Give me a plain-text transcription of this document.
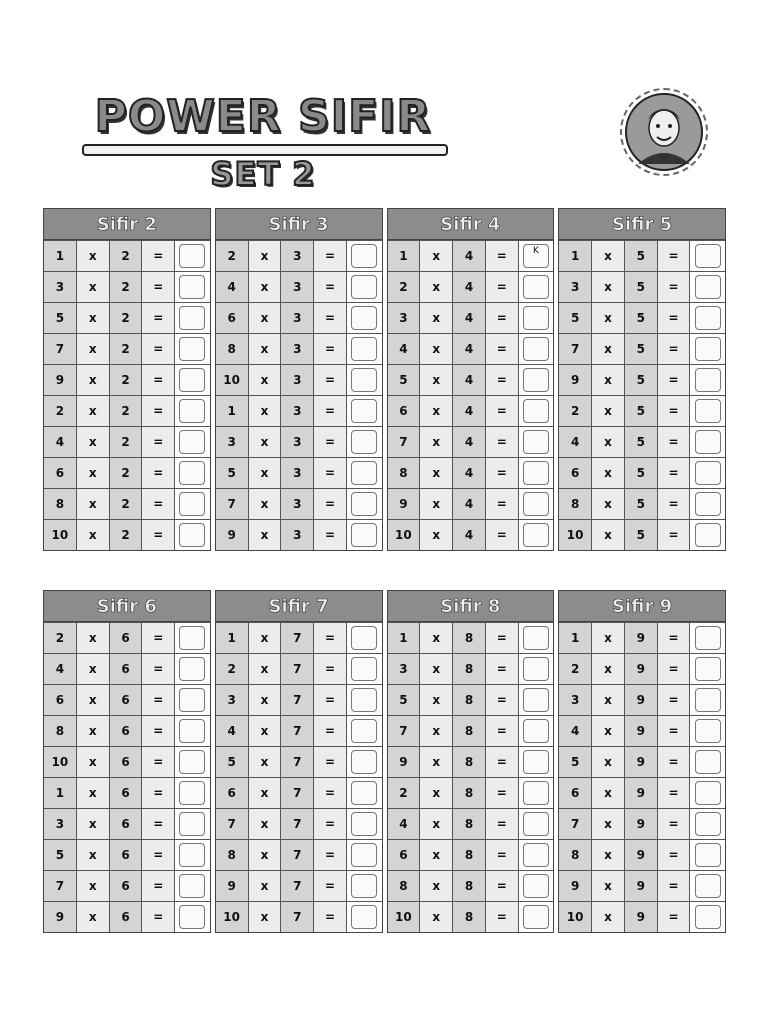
POWER SIFIR
SET 2
Sifir 2
1	x	2	=
3	x	2	=
5	x	2	=
7	x	2	=
9	x	2	=
2	x	2	=
4	x	2	=
6	x	2	=
8	x	2	=
10	x	2	=
Sifir 3
2	x	3	=
4	x	3	=
6	x	3	=
8	x	3	=
10	x	3	=
1	x	3	=
3	x	3	=
5	x	3	=
7	x	3	=
9	x	3	=
Sifir 4
1	x	4	=	K
2	x	4	=
3	x	4	=
4	x	4	=
5	x	4	=
6	x	4	=
7	x	4	=
8	x	4	=
9	x	4	=
10	x	4	=
Sifir 5
1	x	5	=
3	x	5	=
5	x	5	=
7	x	5	=
9	x	5	=
2	x	5	=
4	x	5	=
6	x	5	=
8	x	5	=
10	x	5	=
Sifir 6
2	x	6	=
4	x	6	=
6	x	6	=
8	x	6	=
10	x	6	=
1	x	6	=
3	x	6	=
5	x	6	=
7	x	6	=
9	x	6	=
Sifir 7
1	x	7	=
2	x	7	=
3	x	7	=
4	x	7	=
5	x	7	=
6	x	7	=
7	x	7	=
8	x	7	=
9	x	7	=
10	x	7	=
Sifir 8
1	x	8	=
3	x	8	=
5	x	8	=
7	x	8	=
9	x	8	=
2	x	8	=
4	x	8	=
6	x	8	=
8	x	8	=
10	x	8	=
Sifir 9
1	x	9	=
2	x	9	=
3	x	9	=
4	x	9	=
5	x	9	=
6	x	9	=
7	x	9	=
8	x	9	=
9	x	9	=
10	x	9	=
